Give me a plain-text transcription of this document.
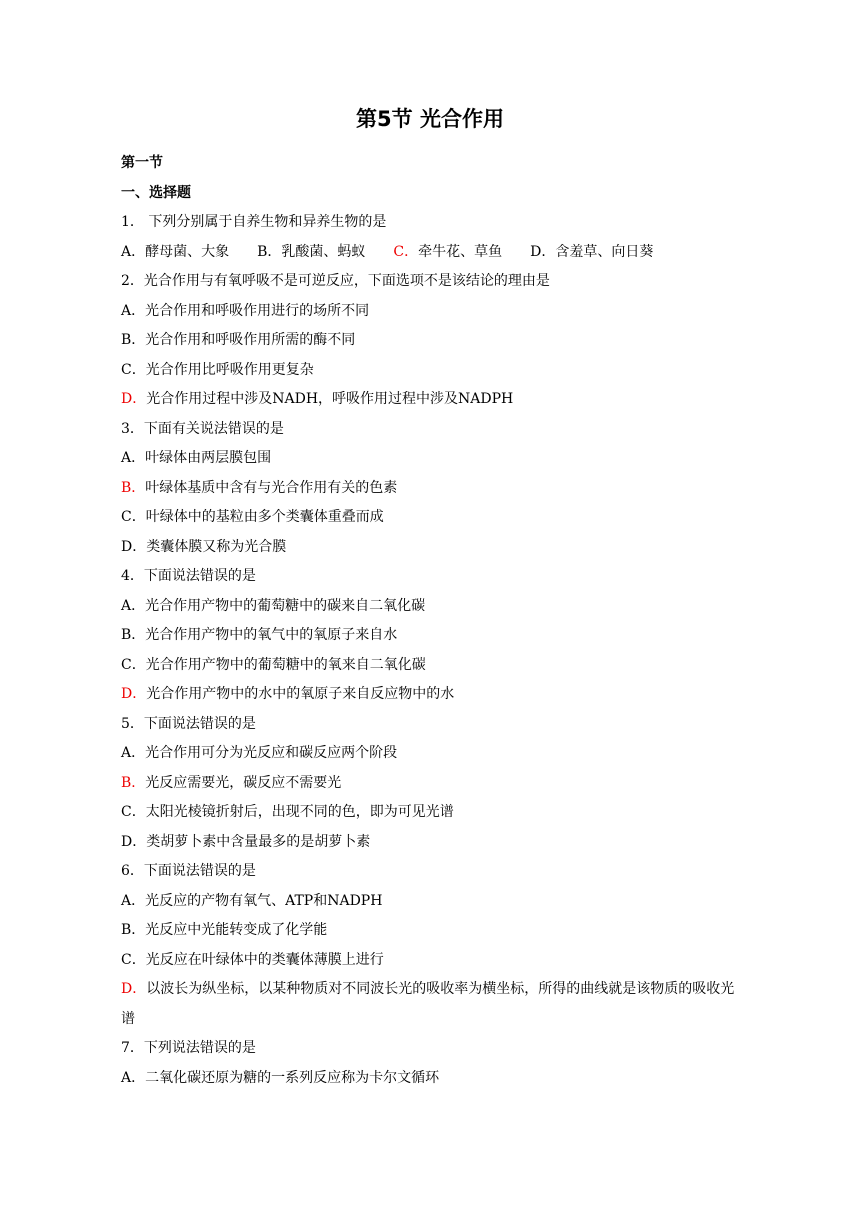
第5节 光合作用
第一节
一、选择题
1． 下列分别属于自养生物和异养生物的是
A．酵母菌、大象 B．乳酸菌、蚂蚁 C．牵牛花、草鱼 D．含羞草、向日葵
2．光合作用与有氧呼吸不是可逆反应，下面选项不是该结论的理由是
A．光合作用和呼吸作用进行的场所不同
B．光合作用和呼吸作用所需的酶不同
C．光合作用比呼吸作用更复杂
D．光合作用过程中涉及NADH，呼吸作用过程中涉及NADPH
3．下面有关说法错误的是
A．叶绿体由两层膜包围
B．叶绿体基质中含有与光合作用有关的色素
C．叶绿体中的基粒由多个类囊体重叠而成
D．类囊体膜又称为光合膜
4．下面说法错误的是
A．光合作用产物中的葡萄糖中的碳来自二氧化碳
B．光合作用产物中的氧气中的氧原子来自水
C．光合作用产物中的葡萄糖中的氧来自二氧化碳
D．光合作用产物中的水中的氧原子来自反应物中的水
5．下面说法错误的是
A．光合作用可分为光反应和碳反应两个阶段
B．光反应需要光，碳反应不需要光
C．太阳光棱镜折射后，出现不同的色，即为可见光谱
D．类胡萝卜素中含量最多的是胡萝卜素
6．下面说法错误的是
A．光反应的产物有氧气、ATP和NADPH
B．光反应中光能转变成了化学能
C．光反应在叶绿体中的类囊体薄膜上进行
D．以波长为纵坐标，以某种物质对不同波长光的吸收率为横坐标，所得的曲线就是该物质的吸收光谱
7．下列说法错误的是
A．二氧化碳还原为糖的一系列反应称为卡尔文循环
